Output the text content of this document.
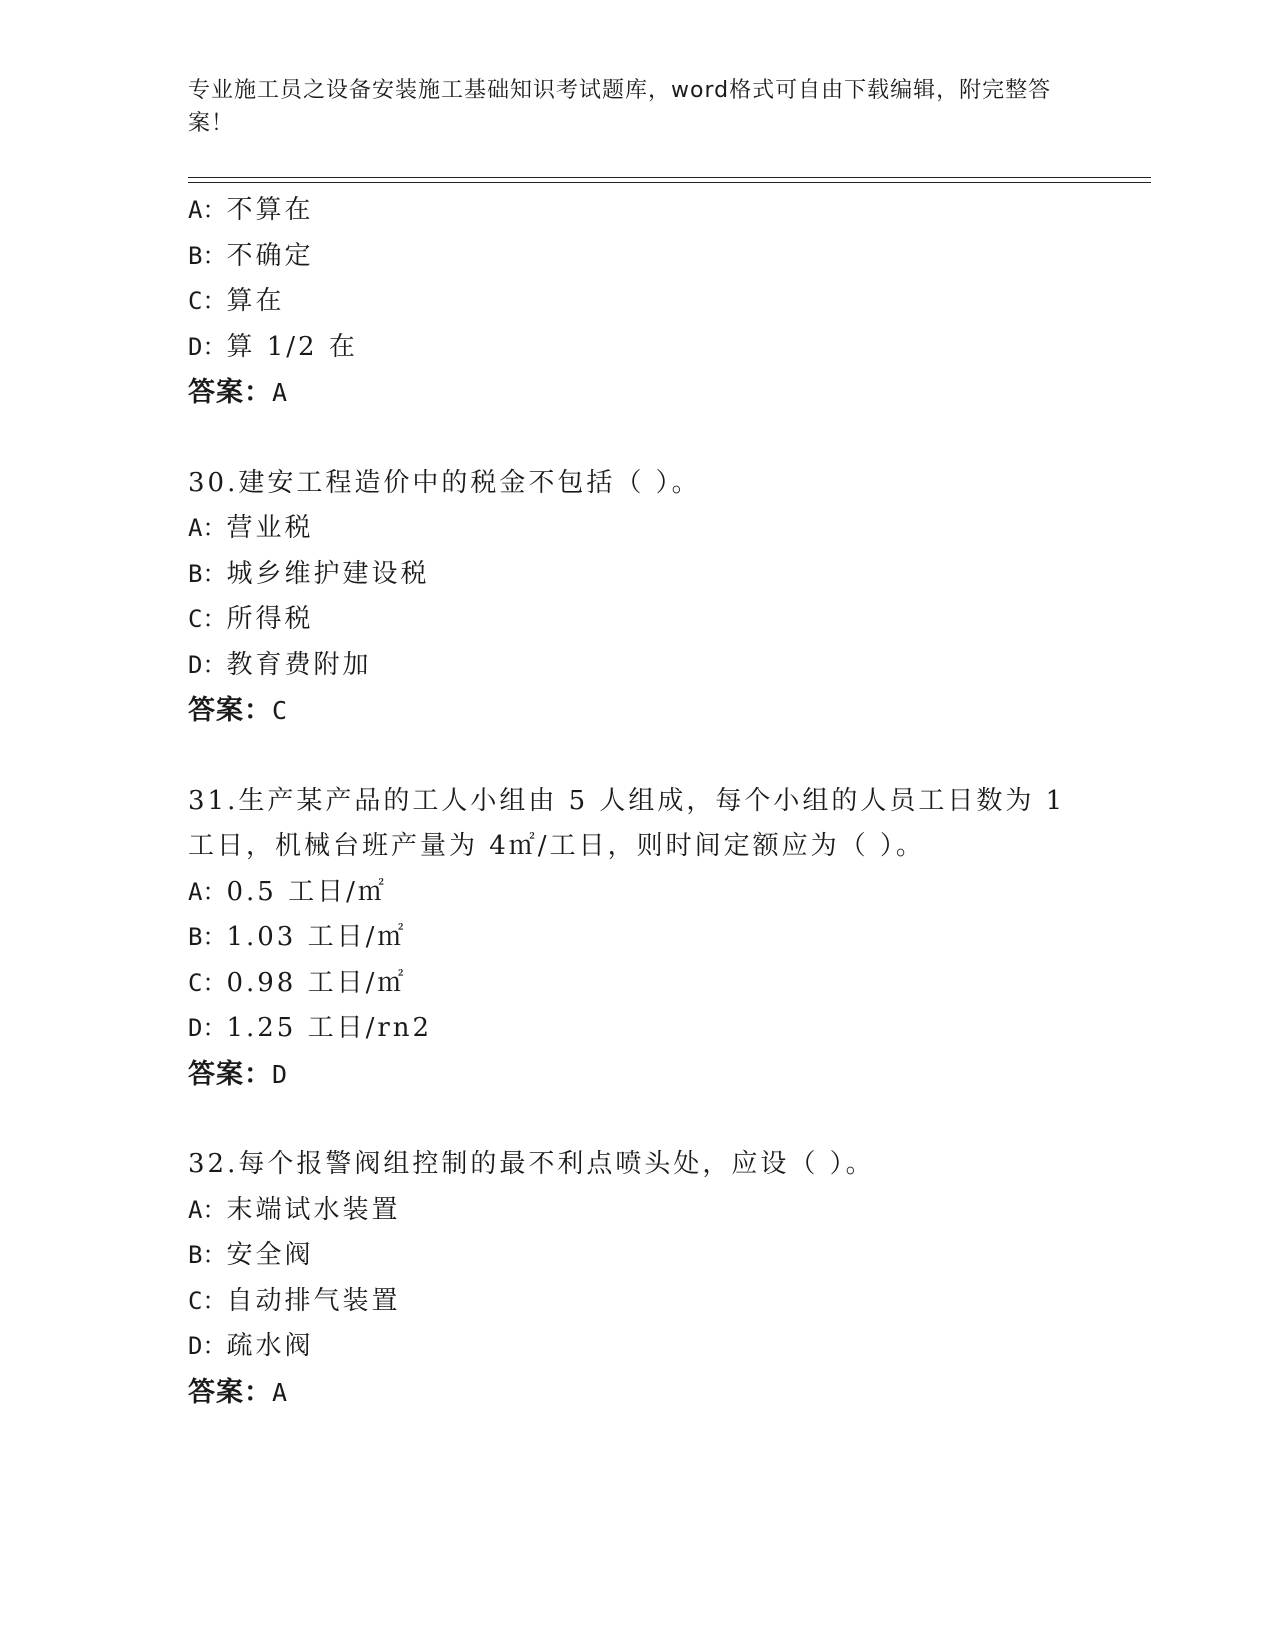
专业施工员之设备安装施工基础知识考试题库，word格式可自由下载编辑，附完整答案！
A：不算在
B：不确定
C：算在
D：算 1/2 在
答案：A
30.建安工程造价中的税金不包括（ ）。
A：营业税
B：城乡维护建设税
C：所得税
D：教育费附加
答案：C
31.生产某产品的工人小组由 5 人组成，每个小组的人员工日数为 1 工日，机械台班产量为 4㎡/工日，则时间定额应为（ ）。
A：0.5 工日/㎡
B：1.03 工日/㎡
C：0.98 工日/㎡
D：1.25 工日/rn2
答案：D
32.每个报警阀组控制的最不利点喷头处，应设（ ）。
A：末端试水装置
B：安全阀
C：自动排气装置
D：疏水阀
答案：A
